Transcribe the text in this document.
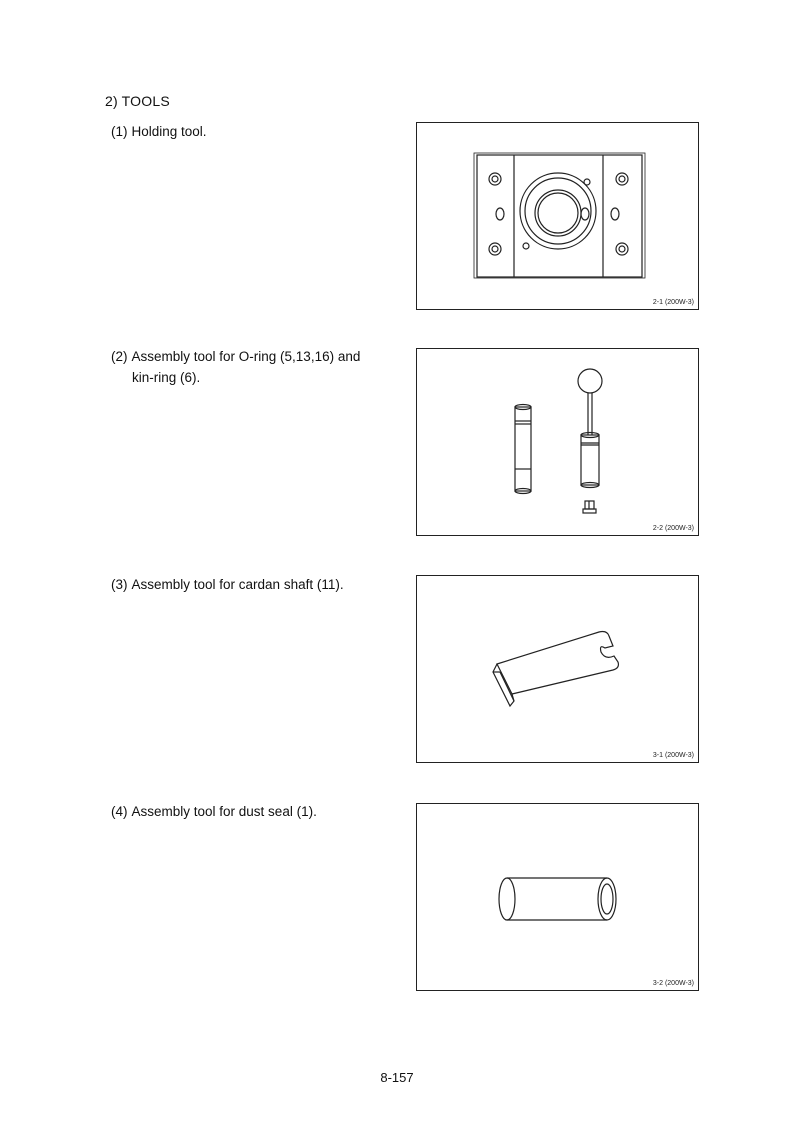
2) TOOLS
(1) Holding tool.
2-1 (200W-3)
(2) Assembly tool for O-ring (5,13,16) and
kin-ring (6).
2-2 (200W-3)
(3) Assembly tool for cardan shaft (11).
3-1 (200W-3)
(4) Assembly tool for dust seal (1).
3-2 (200W-3)
8-157
